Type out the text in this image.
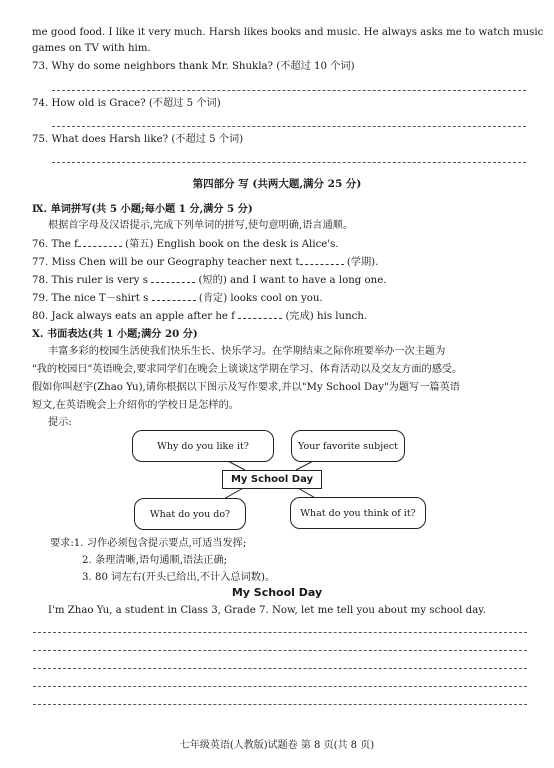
me good food. I like it very much. Harsh likes books and music. He always asks me to watch music
games on TV with him.
73. Why do some neighbors thank Mr. Shukla? (不超过 10 个词)
74. How old is Grace? (不超过 5 个词)
75. What does Harsh like? (不超过 5 个词)
第四部分 写 (共两大题,满分 25 分)
Ⅸ. 单词拼写(共 5 小题;每小题 1 分,满分 5 分)
根据首字母及汉语提示,完成下列单词的拼写,使句意明确,语言通顺。
76. The f	(第五) English book on the desk is Alice's.
77. Miss Chen will be our Geography teacher next t	(学期).
78. This ruler is very s	(短的) and I want to have a long one.
79. The nice T－shirt s	(肯定) looks cool on you.
80. Jack always eats an apple after he f	(完成) his lunch.
Ⅹ. 书面表达(共 1 小题;满分 20 分)
丰富多彩的校园生活使我们快乐生长、快乐学习。在学期结束之际你班要举办一次主题为
"我的校园日"英语晚会,要求同学们在晚会上谈谈这学期在学习、体育活动以及交友方面的感受。
假如你叫赵宇(Zhao Yu),请你根据以下图示及写作要求,并以"My School Day"为题写一篇英语
短文,在英语晚会上介绍你的学校日是怎样的。
提示:
Why do you like it?	Your favorite subject
My School Day
What do you do?	What do you think of it?
要求:1. 习作必须包含提示要点,可适当发挥;
2. 条理清晰,语句通顺,语法正确;
3. 80 词左右(开头已给出,不计入总词数)。
My School Day
I'm Zhao Yu, a student in Class 3, Grade 7. Now, let me tell you about my school day.
七年级英语(人教版)试题卷 第 8 页(共 8 页)
